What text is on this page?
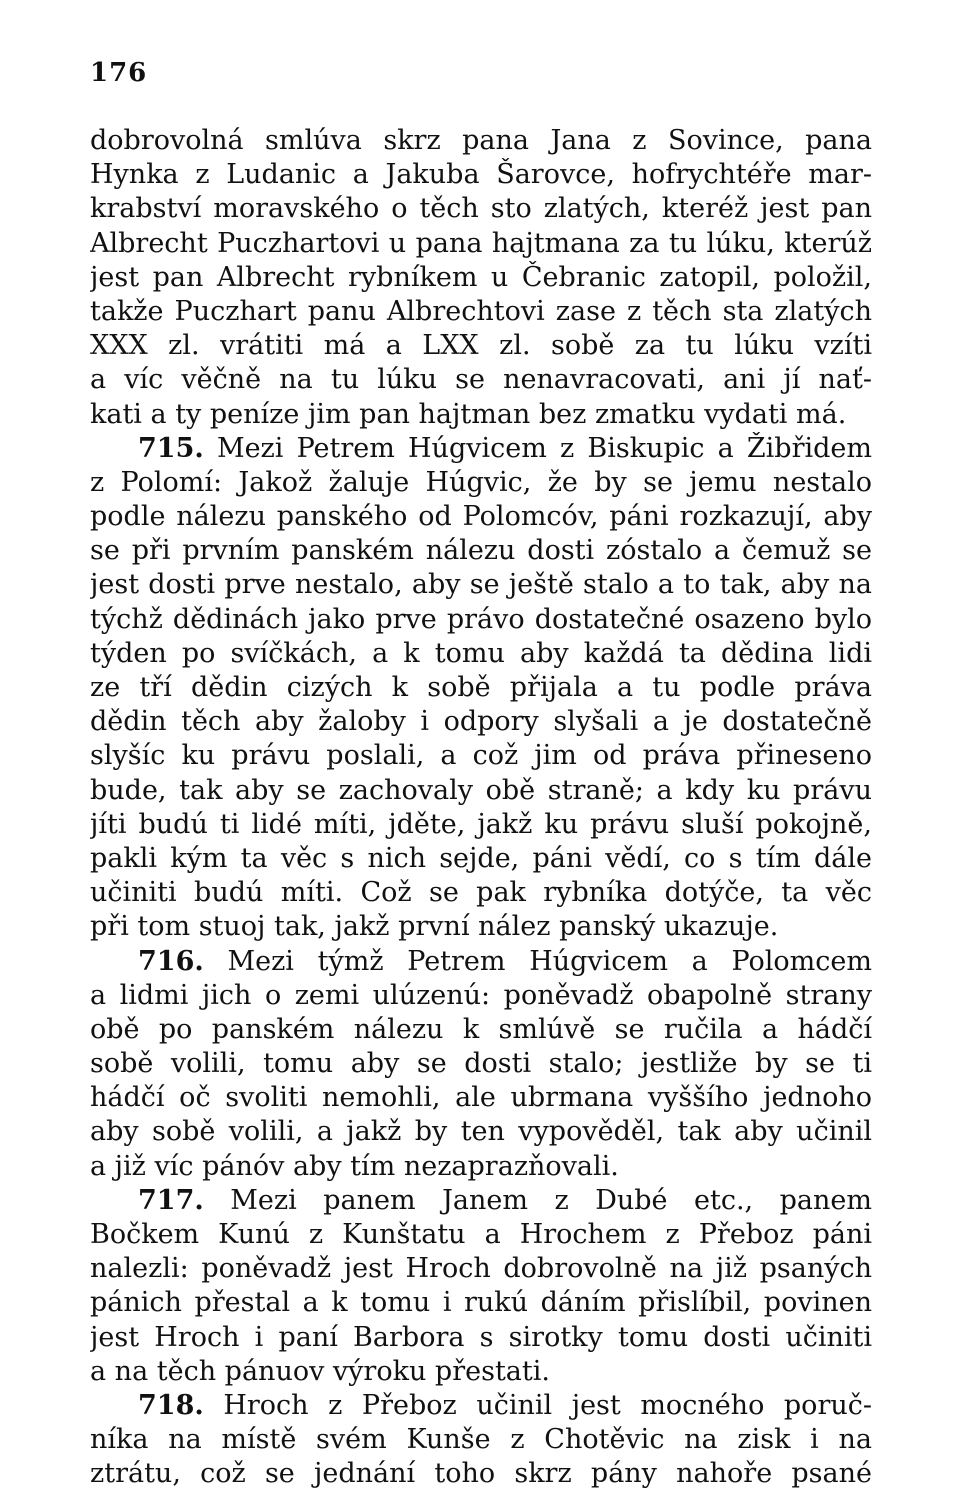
176
dobrovolná smlúva skrz pana Jana z Sovince, pana
Hynka z Ludanic a Jakuba Šarovce, hofrychtéře mar-
krabství moravského o těch sto zlatých, kteréž jest pan
Albrecht Puczhartovi u pana hajtmana za tu lúku, kterúž
jest pan Albrecht rybníkem u Čebranic zatopil, položil,
takže Puczhart panu Albrechtovi zase z těch sta zlatých
XXX zl. vrátiti má a LXX zl. sobě za tu lúku vzíti
a víc věčně na tu lúku se nenavracovati, ani jí nať-
kati a ty peníze jim pan hajtman bez zmatku vydati má.
715. Mezi Petrem Húgvicem z Biskupic a Žibřidem
z Polomí: Jakož žaluje Húgvic, že by se jemu nestalo
podle nálezu panského od Polomcóv, páni rozkazují, aby
se při prvním panském nálezu dosti zóstalo a čemuž se
jest dosti prve nestalo, aby se ještě stalo a to tak, aby na
týchž dědinách jako prve právo dostatečné osazeno bylo
týden po svíčkách, a k tomu aby každá ta dědina lidi
ze tří dědin cizých k sobě přijala a tu podle práva
dědin těch aby žaloby i odpory slyšali a je dostatečně
slyšíc ku právu poslali, a což jim od práva přineseno
bude, tak aby se zachovaly obě straně; a kdy ku právu
jíti budú ti lidé míti, jděte, jakž ku právu sluší pokojně,
pakli kým ta věc s nich sejde, páni vědí, co s tím dále
učiniti budú míti. Což se pak rybníka dotýče, ta věc
při tom stuoj tak, jakž první nález panský ukazuje.
716. Mezi týmž Petrem Húgvicem a Polomcem
a lidmi jich o zemi ulúzenú: poněvadž obapolně strany
obě po panském nálezu k smlúvě se ručila a hádčí
sobě volili, tomu aby se dosti stalo; jestliže by se ti
hádčí oč svoliti nemohli, ale ubrmana vyššího jednoho
aby sobě volili, a jakž by ten vypověděl, tak aby učinil
a již víc pánóv aby tím nezaprazňovali.
717. Mezi panem Janem z Dubé etc., panem
Bočkem Kunú z Kunštatu a Hrochem z Přeboz páni
nalezli: poněvadž jest Hroch dobrovolně na již psaných
pánich přestal a k tomu i rukú dáním přislíbil, povinen
jest Hroch i paní Barbora s sirotky tomu dosti učiniti
a na těch pánuov výroku přestati.
718. Hroch z Přeboz učinil jest mocného poruč-
níka na místě svém Kunše z Chotěvic na zisk i na
ztrátu, což se jednání toho skrz pány nahoře psané
